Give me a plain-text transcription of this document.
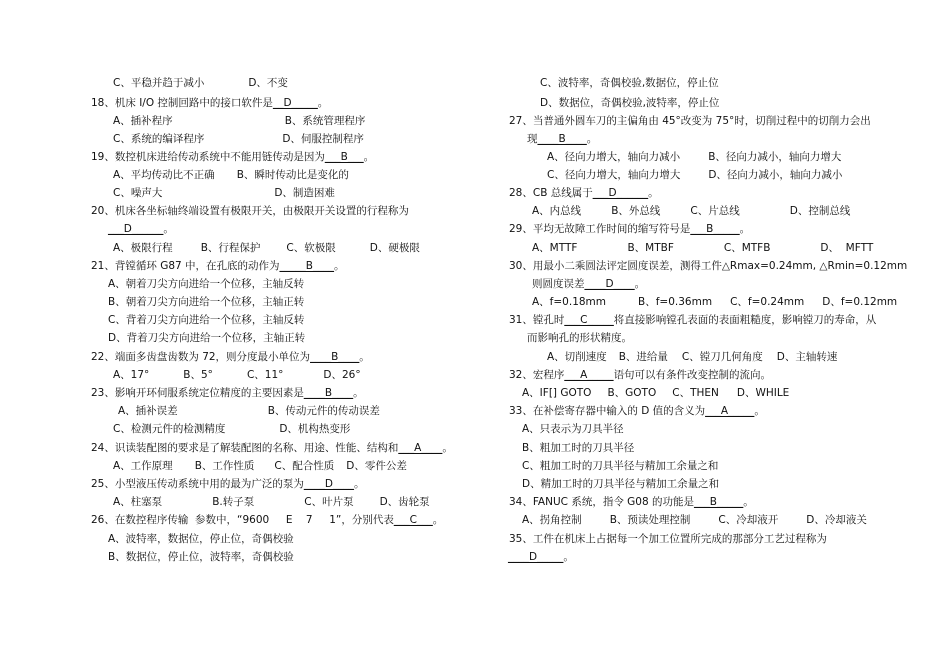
C、平稳并趋于减小	D、不变
18、机床 I/O 控制回路中的接口软件是__D_____。
A、插补程序	B、系统管理程序
C、系统的编译程序	D、伺服控制程序
19、数控机床进给传动系统中不能用链传动是因为___B___。
A、平均传动比不正确 B、瞬时传动比是变化的
C、噪声大	D、制造困难
20、机床各坐标轴终端设置有极限开关，由极限开关设置的行程称为
___D______。
A、极限行程	B、行程保护 C、软极限	D、硬极限
21、背镗循环 G87 中，在孔底的动作为_____B____。
A、朝着刀尖方向进给一个位移，主轴反转
B、朝着刀尖方向进给一个位移，主轴正转
C、背着刀尖方向进给一个位移，主轴反转
D、背着刀尖方向进给一个位移，主轴正转
22、端面多齿盘齿数为 72，则分度最小单位为____B____。
A、17°	B、5°	C、11°	D、26°
23、影响开环伺服系统定位精度的主要因素是____B____。
A、插补误差	B、传动元件的传动误差
C、检测元件的检测精度	D、机构热变形
24、识读装配图的要求是了解装配图的名称、用途、性能、结构和___A____。
A、工作原理 B、工作性质 C、配合性质 D、零件公差
25、小型液压传动系统中用的最为广泛的泵为____D____。
A、柱塞泵	B.转子泵	C、叶片泵 D、齿轮泵
26、在数控程序传输  参数中，“9600     E    7     1”，分别代表___C___。
A、波特率，数据位，停止位，奇偶校验
B、数据位，停止位，波特率，奇偶校验
C、波特率，奇偶校验,数据位，停止位
D、数据位，奇偶校验,波特率，停止位
27、当普通外圆车刀的主偏角由 45°改变为 75°时，切削过程中的切削力会出
现____B____。
A、径向力增大，轴向力减小	B、径向力减小，轴向力增大
C、径向力增大，轴向力增大	D、径向力减小，轴向力减小
28、CB 总线属于___D______。
A、内总线	B、外总线	C、片总线	D、控制总线
29、平均无故障工作时间的缩写符号是___B_____。
A、MTTF	B、MTBF	C、MTFB	D、  MFTT
30、用最小二乘圆法评定圆度误差，测得工件△Rmax=0.24mm, △Rmin=0.12mm
则圆度误差____D____。
A、f=0.18mm	B、f=0.36mm C、f=0.24mm D、f=0.12mm
31、镗孔时___C_____将直接影响镗孔表面的表面粗糙度，影响镗刀的寿命，从
而影响孔的形状精度。
A、切削速度 B、进给量 C、镗刀几何角度 D、主轴转速
32、宏程序___A_____语句可以有条件改变控制的流向。
A、IF[] GOTO B、GOTO C、THEN D、WHILE
33、在补偿寄存器中输入的 D 值的含义为___A_____。
A、只表示为刀具半径
B、粗加工时的刀具半径
C、粗加工时的刀具半径与精加工余量之和
D、精加工时的刀具半径与精加工余量之和
34、FANUC 系统，指令 G08 的功能是___B_____。
A、拐角控制	B、预读处理控制	C、冷却液开	D、冷却液关
35、工件在机床上占据每一个加工位置所完成的那部分工艺过程称为
____D_____。
